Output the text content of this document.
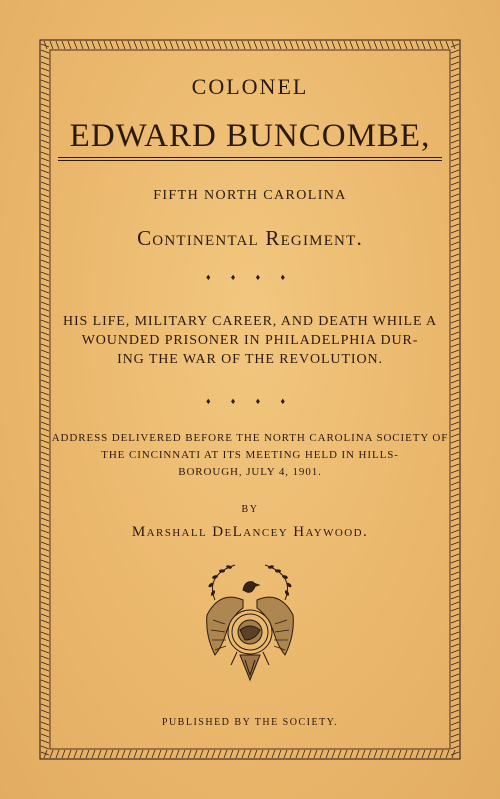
COLONEL
EDWARD BUNCOMBE,
FIFTH NORTH CAROLINA
Continental Regiment.
♦ ♦ ♦ ♦
HIS LIFE, MILITARY CAREER, AND DEATH WHILE A
WOUNDED PRISONER IN PHILADELPHIA DUR-
ING THE WAR OF THE REVOLUTION.
♦ ♦ ♦ ♦
ADDRESS DELIVERED BEFORE THE NORTH CAROLINA SOCIETY OF
THE CINCINNATI AT ITS MEETING HELD IN HILLS-
BOROUGH, JULY 4, 1901.
BY
Marshall DeLancey Haywood.
PUBLISHED BY THE SOCIETY.
